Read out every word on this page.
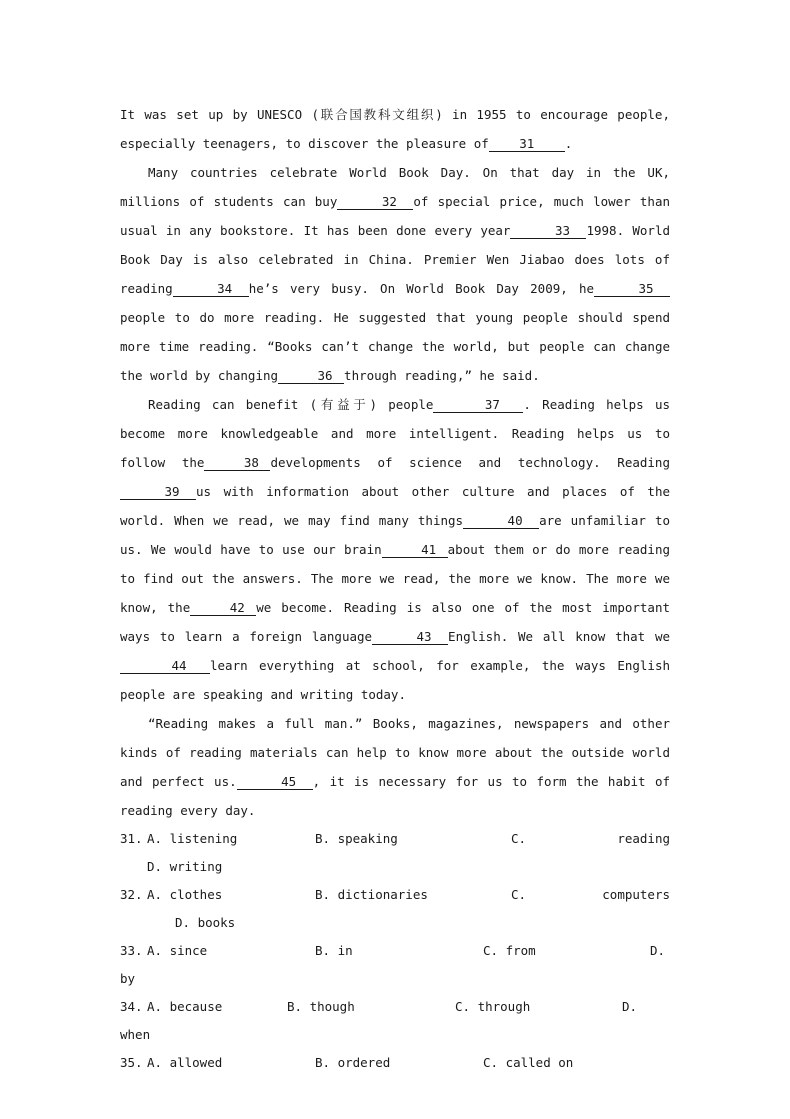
It was set up by UNESCO (联合国教科文组织) in 1955 to encourage people, especially teenagers, to discover the pleasure of 31 .

Many countries celebrate World Book Day. On that day in the UK, millions of students can buy	32 of special price, much lower than usual in any bookstore. It has been done every year	33 1998. World Book Day is also celebrated in China. Premier Wen Jiabao does lots of reading	34 he’s very busy. On World Book Day 2009, he	35people to do more reading. He suggested that young people should spend more time reading. “Books can’t change the world, but people can change the world by changing	36 through reading,” he said.

Reading can benefit (有益于) people	37 . Reading helps us become more knowledgeable and more intelligent. Reading helps us to follow the	38 developments of science and technology. Reading39 us with information about other culture and places of the world. When we read, we may find many things	40 are unfamiliar to us. We would have to use our brain	41 about them or do more reading to find out the answers. The more we read, the more we know. The more we know, the	42 we become. Reading is also one of the most important ways to learn a foreign language	43 English. We all know that we44 learn everything at school, for example, the ways English people are speaking and writing today.

“Reading makes a full man.” Books, magazines, newspapers and other kinds of reading materials can help to know more about the outside world and perfect us.	45 , it is necessary for us to form the habit of reading every day.

31. A. listening	B. speaking	C.	reading
D. writing
32. A. clothes	B. dictionaries	C.	computers
D. books
33. A. since	B. in	C. from	D.
by
34. A. because	B. though	C. through	D.
when
35. A. allowed	B. ordered	C. called on
